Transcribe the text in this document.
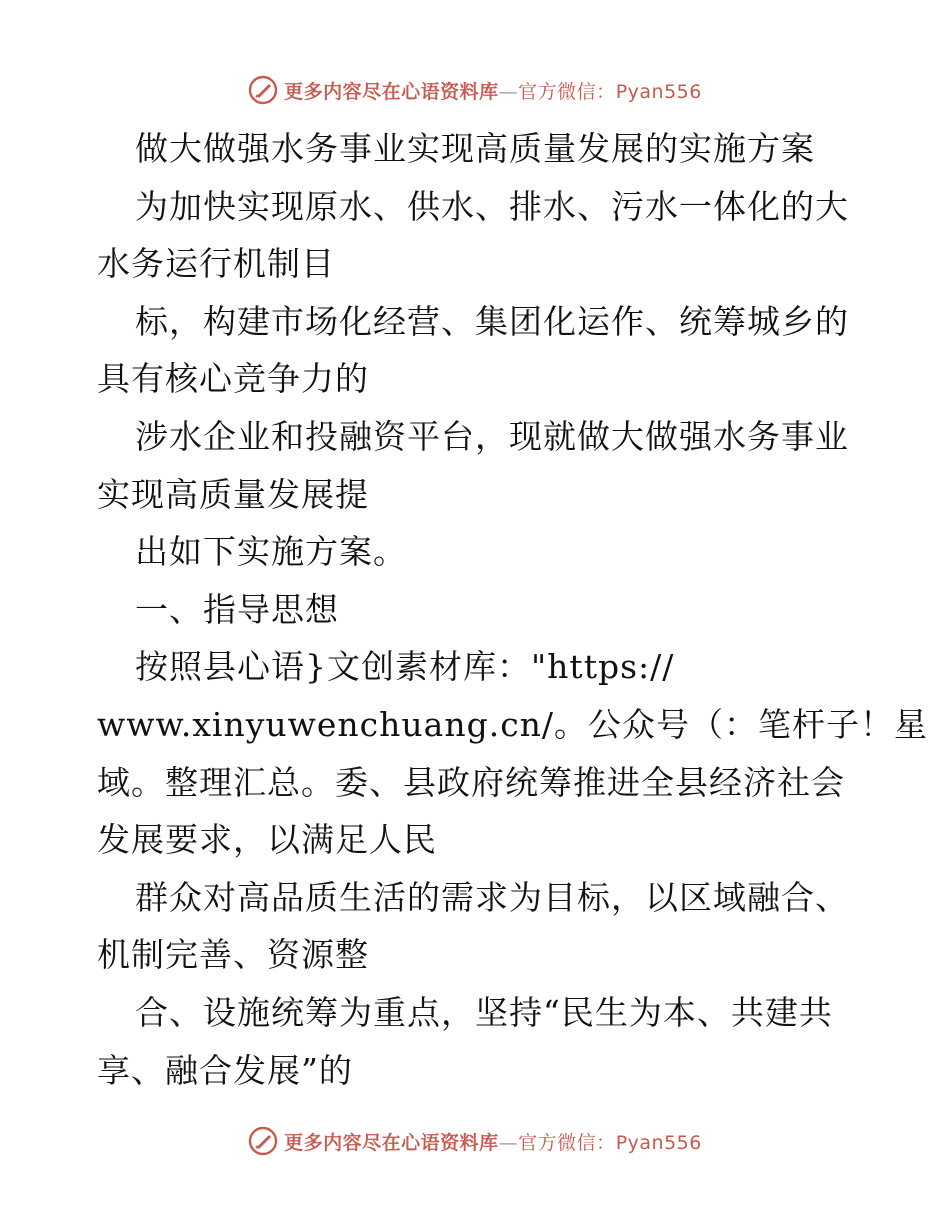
更多内容尽在心语资料库—官方微信：Pyan556
做大做强水务事业实现高质量发展的实施方案
为加快实现原水、供水、排水、污水一体化的大
水务运行机制目
标，构建市场化经营、集团化运作、统筹城乡的
具有核心竞争力的
涉水企业和投融资平台，现就做大做强水务事业
实现高质量发展提
出如下实施方案。
一、指导思想
按照县心语}文创素材库："https://
www.xinyuwenchuang.cn/。公众号（：笔杆子！星
域。整理汇总。委、县政府统筹推进全县经济社会
发展要求，以满足人民
群众对高品质生活的需求为目标，以区域融合、
机制完善、资源整
合、设施统筹为重点，坚持“民生为本、共建共
享、融合发展”的
更多内容尽在心语资料库—官方微信：Pyan556
